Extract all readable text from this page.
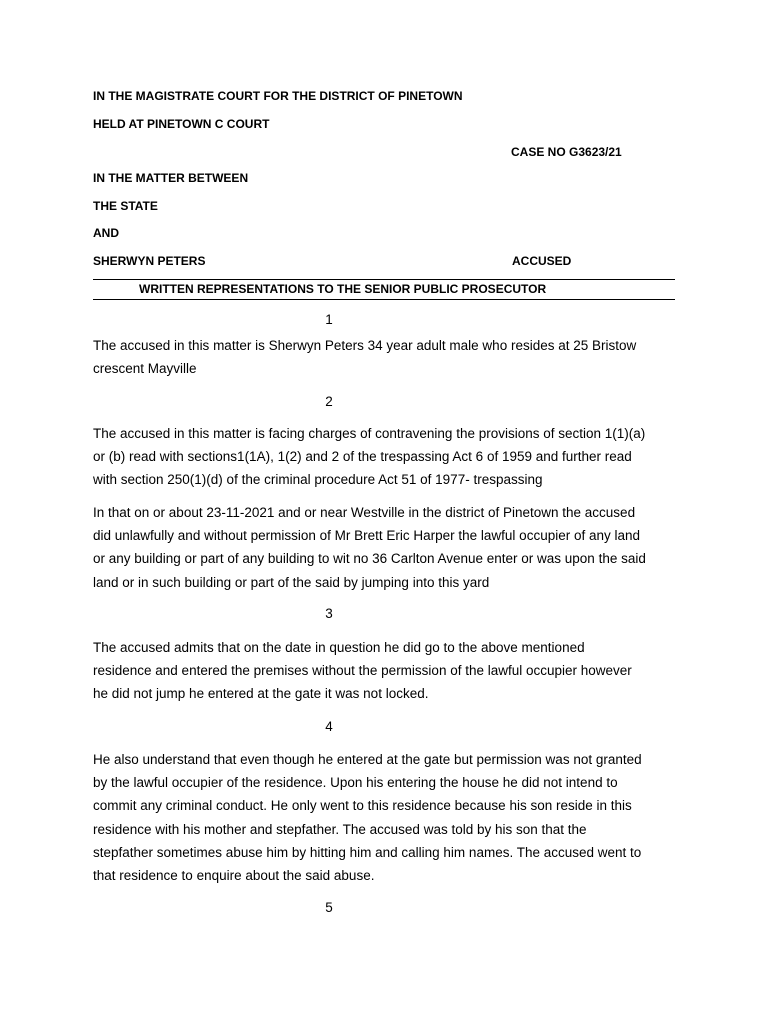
IN THE MAGISTRATE COURT FOR THE DISTRICT OF PINETOWN
HELD AT PINETOWN C COURT
CASE NO G3623/21
IN THE MATTER BETWEEN
THE STATE
AND
SHERWYN PETERS	ACCUSED
WRITTEN REPRESENTATIONS TO THE SENIOR PUBLIC PROSECUTOR
1
The accused in this matter is Sherwyn Peters 34 year adult male who resides at 25 Bristow
crescent Mayville
2
The accused in this matter is facing charges of contravening the provisions of section 1(1)(a)
or (b) read with sections1(1A), 1(2) and 2 of the trespassing Act 6 of 1959 and further read
with section 250(1)(d) of the criminal procedure Act 51 of 1977- trespassing
In that on or about 23-11-2021 and or near Westville in the district of Pinetown the accused
did unlawfully and without permission of Mr Brett Eric Harper the lawful occupier of any land
or any building or part of any building to wit no 36 Carlton Avenue enter or was upon the said
land or in such building or part of the said by jumping into this yard
3
The accused admits that on the date in question he did go to the above mentioned
residence and entered the premises without the permission of the lawful occupier however
he did not jump he entered at the gate it was not locked.
4
He also understand that even though he entered at the gate but permission was not granted
by the lawful occupier of the residence. Upon his entering the house he did not intend to
commit any criminal conduct. He only went to this residence because his son reside in this
residence with his mother and stepfather. The accused was told by his son that the
stepfather sometimes abuse him by hitting him and calling him names. The accused went to
that residence to enquire about the said abuse.
5
